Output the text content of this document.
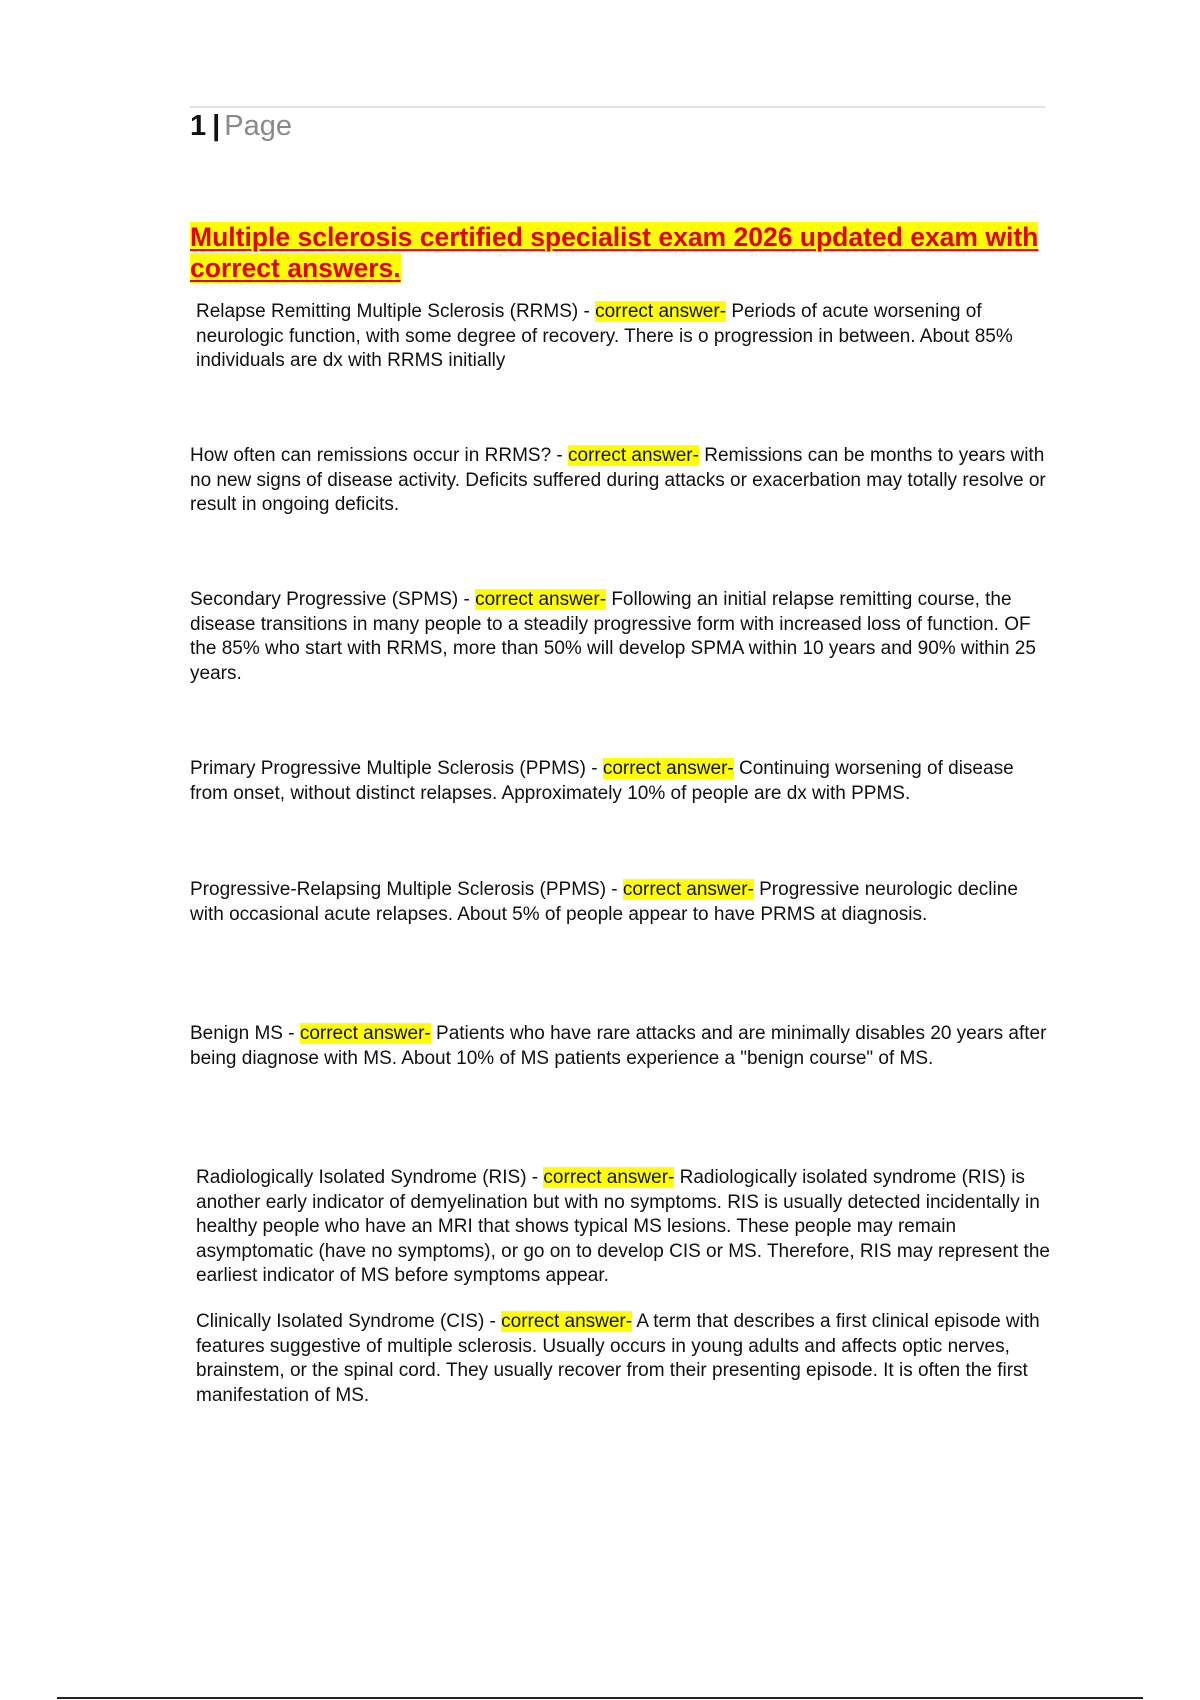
1 | Page
Multiple sclerosis certified specialist exam 2026 updated exam with correct answers.

Relapse Remitting Multiple Sclerosis (RRMS) - correct answer- Periods of acute worsening of neurologic function, with some degree of recovery. There is o progression in between. About 85% individuals are dx with RRMS initially

How often can remissions occur in RRMS? - correct answer- Remissions can be months to years with no new signs of disease activity. Deficits suffered during attacks or exacerbation may totally resolve or result in ongoing deficits.

Secondary Progressive (SPMS) - correct answer- Following an initial relapse remitting course, the disease transitions in many people to a steadily progressive form with increased loss of function. OF the 85% who start with RRMS, more than 50% will develop SPMA within 10 years and 90% within 25 years.

Primary Progressive Multiple Sclerosis (PPMS) - correct answer- Continuing worsening of disease from onset, without distinct relapses. Approximately 10% of people are dx with PPMS.

Progressive-Relapsing Multiple Sclerosis (PPMS) - correct answer- Progressive neurologic decline with occasional acute relapses. About 5% of people appear to have PRMS at diagnosis.

Benign MS - correct answer- Patients who have rare attacks and are minimally disables 20 years after being diagnose with MS. About 10% of MS patients experience a "benign course" of MS.

Radiologically Isolated Syndrome (RIS) - correct answer- Radiologically isolated syndrome (RIS) is another early indicator of demyelination but with no symptoms. RIS is usually detected incidentally in healthy people who have an MRI that shows typical MS lesions. These people may remain asymptomatic (have no symptoms), or go on to develop CIS or MS. Therefore, RIS may represent the earliest indicator of MS before symptoms appear.

Clinically Isolated Syndrome (CIS) - correct answer- A term that describes a first clinical episode with features suggestive of multiple sclerosis. Usually occurs in young adults and affects optic nerves, brainstem, or the spinal cord. They usually recover from their presenting episode. It is often the first manifestation of MS.
